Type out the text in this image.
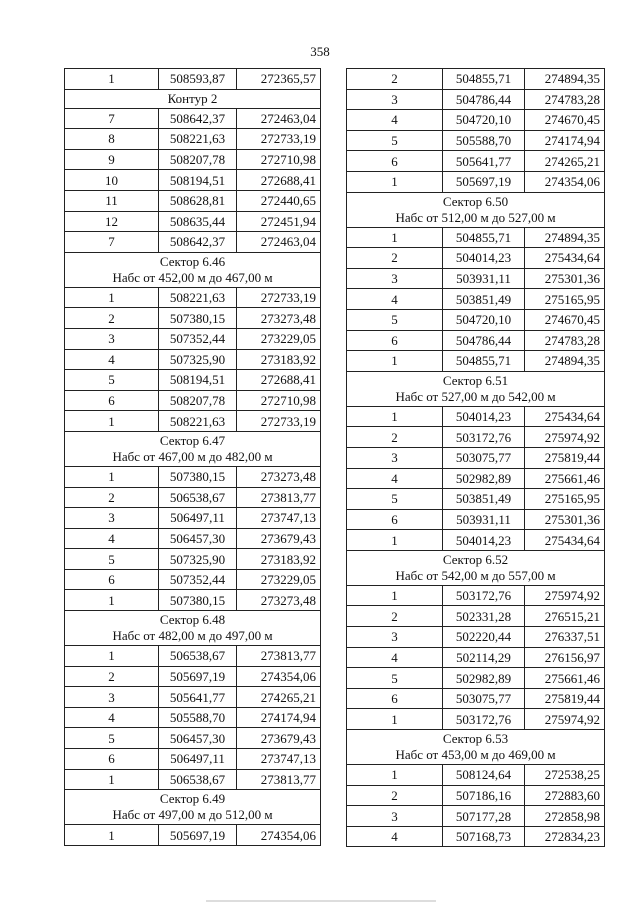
358
1	508593,87	272365,57

Контур 2		

7	508642,37	272463,04
8	508221,63	272733,19
9	508207,78	272710,98
10	508194,51	272688,41
11	508628,81	272440,65
12	508635,44	272451,94
7	508642,37	272463,04

Сектор 6.46
Набс от 452,00 м до 467,00 м		

1	508221,63	272733,19
2	507380,15	273273,48
3	507352,44	273229,05
4	507325,90	273183,92
5	508194,51	272688,41
6	508207,78	272710,98
1	508221,63	272733,19

Сектор 6.47
Набс от 467,00 м до 482,00 м		

1	507380,15	273273,48
2	506538,67	273813,77
3	506497,11	273747,13
4	506457,30	273679,43
5	507325,90	273183,92
6	507352,44	273229,05
1	507380,15	273273,48

Сектор 6.48
Набс от 482,00 м до 497,00 м		

1	506538,67	273813,77
2	505697,19	274354,06
3	505641,77	274265,21
4	505588,70	274174,94
5	506457,30	273679,43
6	506497,11	273747,13
1	506538,67	273813,77

Сектор 6.49
Набс от 497,00 м до 512,00 м		

1	505697,19	274354,06
2	504855,71	274894,35
3	504786,44	274783,28
4	504720,10	274670,45
5	505588,70	274174,94
6	505641,77	274265,21
1	505697,19	274354,06

Сектор 6.50
Набс от 512,00 м до 527,00 м		

1	504855,71	274894,35
2	504014,23	275434,64
3	503931,11	275301,36
4	503851,49	275165,95
5	504720,10	274670,45
6	504786,44	274783,28
1	504855,71	274894,35

Сектор 6.51
Набс от 527,00 м до 542,00 м		

1	504014,23	275434,64
2	503172,76	275974,92
3	503075,77	275819,44
4	502982,89	275661,46
5	503851,49	275165,95
6	503931,11	275301,36
1	504014,23	275434,64

Сектор 6.52
Набс от 542,00 м до 557,00 м		

1	503172,76	275974,92
2	502331,28	276515,21
3	502220,44	276337,51
4	502114,29	276156,97
5	502982,89	275661,46
6	503075,77	275819,44
1	503172,76	275974,92

Сектор 6.53
Набс от 453,00 м до 469,00 м		

1	508124,64	272538,25
2	507186,16	272883,60
3	507177,28	272858,98
4	507168,73	272834,23
